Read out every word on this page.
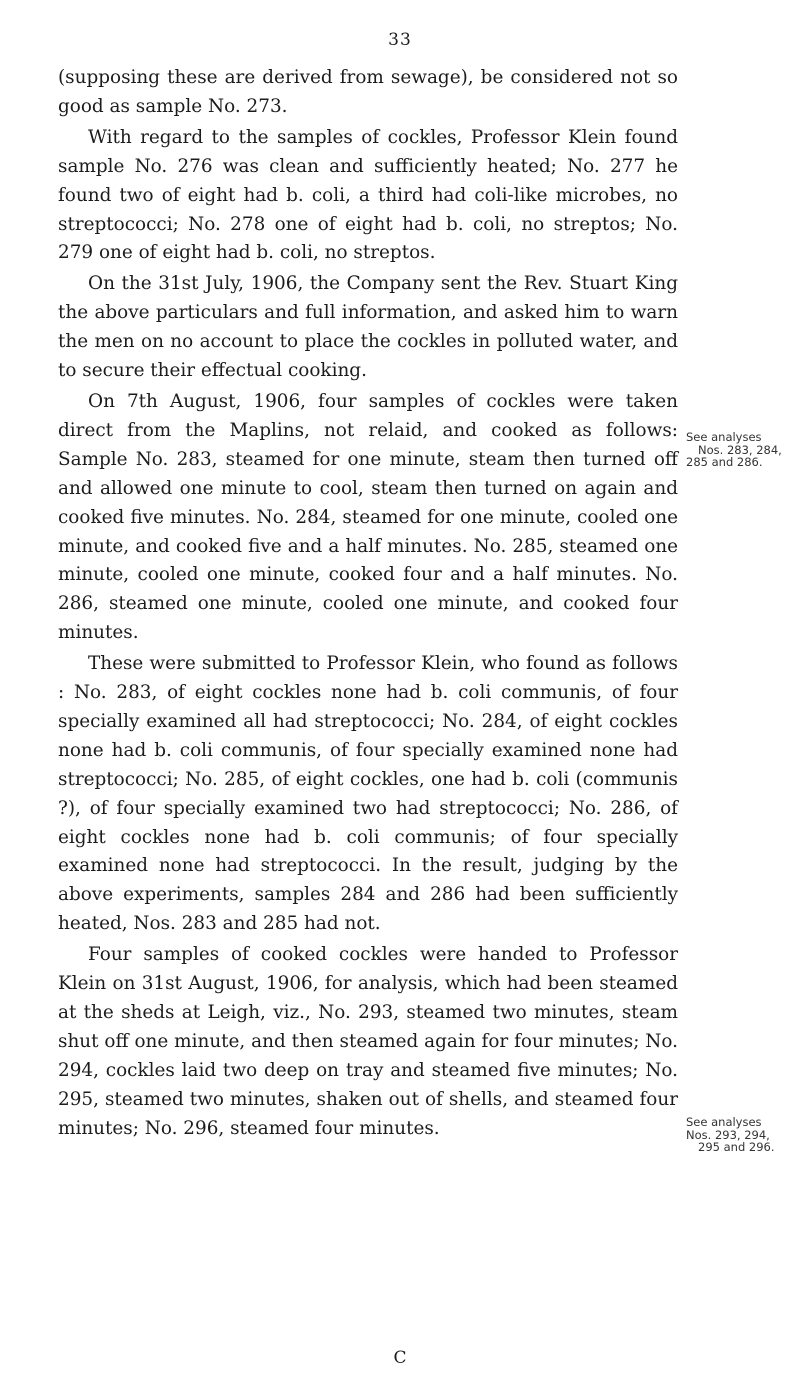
33

(supposing these are derived from sewage), be considered not so good as sample No. 273.

With regard to the samples of cockles, Professor Klein found sample No. 276 was clean and sufficiently heated; No. 277 he found two of eight had b. coli, a third had coli-like microbes, no streptococci; No. 278 one of eight had b. coli, no streptos; No. 279 one of eight had b. coli, no streptos.

On the 31st July, 1906, the Company sent the Rev. Stuart King the above particulars and full information, and asked him to warn the men on no account to place the cockles in polluted water, and to secure their effectual cooking.

On 7th August, 1906, four samples of cockles were taken direct from the Maplins, not relaid, and cooked as follows: Sample No. 283, steamed for one minute, steam then turned off and allowed one minute to cool, steam then turned on again and cooked five minutes. No. 284, steamed for one minute, cooled one minute, and cooked five and a half minutes. No. 285, steamed one minute, cooled one minute, cooked four and a half minutes. No. 286, steamed one minute, cooled one minute, and cooked four minutes.

These were submitted to Professor Klein, who found as follows : No. 283, of eight cockles none had b. coli communis, of four specially examined all had streptococci; No. 284, of eight cockles none had b. coli communis, of four specially examined none had streptococci; No. 285, of eight cockles, one had b. coli (communis ?), of four specially examined two had streptococci; No. 286, of eight cockles none had b. coli communis; of four specially examined none had streptococci. In the result, judging by the above experiments, samples 284 and 286 had been sufficiently heated, Nos. 283 and 285 had not.

Four samples of cooked cockles were handed to Professor Klein on 31st August, 1906, for analysis, which had been steamed at the sheds at Leigh, viz., No. 293, steamed two minutes, steam shut off one minute, and then steamed again for four minutes; No. 294, cockles laid two deep on tray and steamed five minutes; No. 295, steamed two minutes, shaken out of shells, and steamed four minutes; No. 296, steamed four minutes.

See analyses
Nos. 283, 284,
285 and 286.
See analyses
Nos. 293, 294,
295 and 296.
C
